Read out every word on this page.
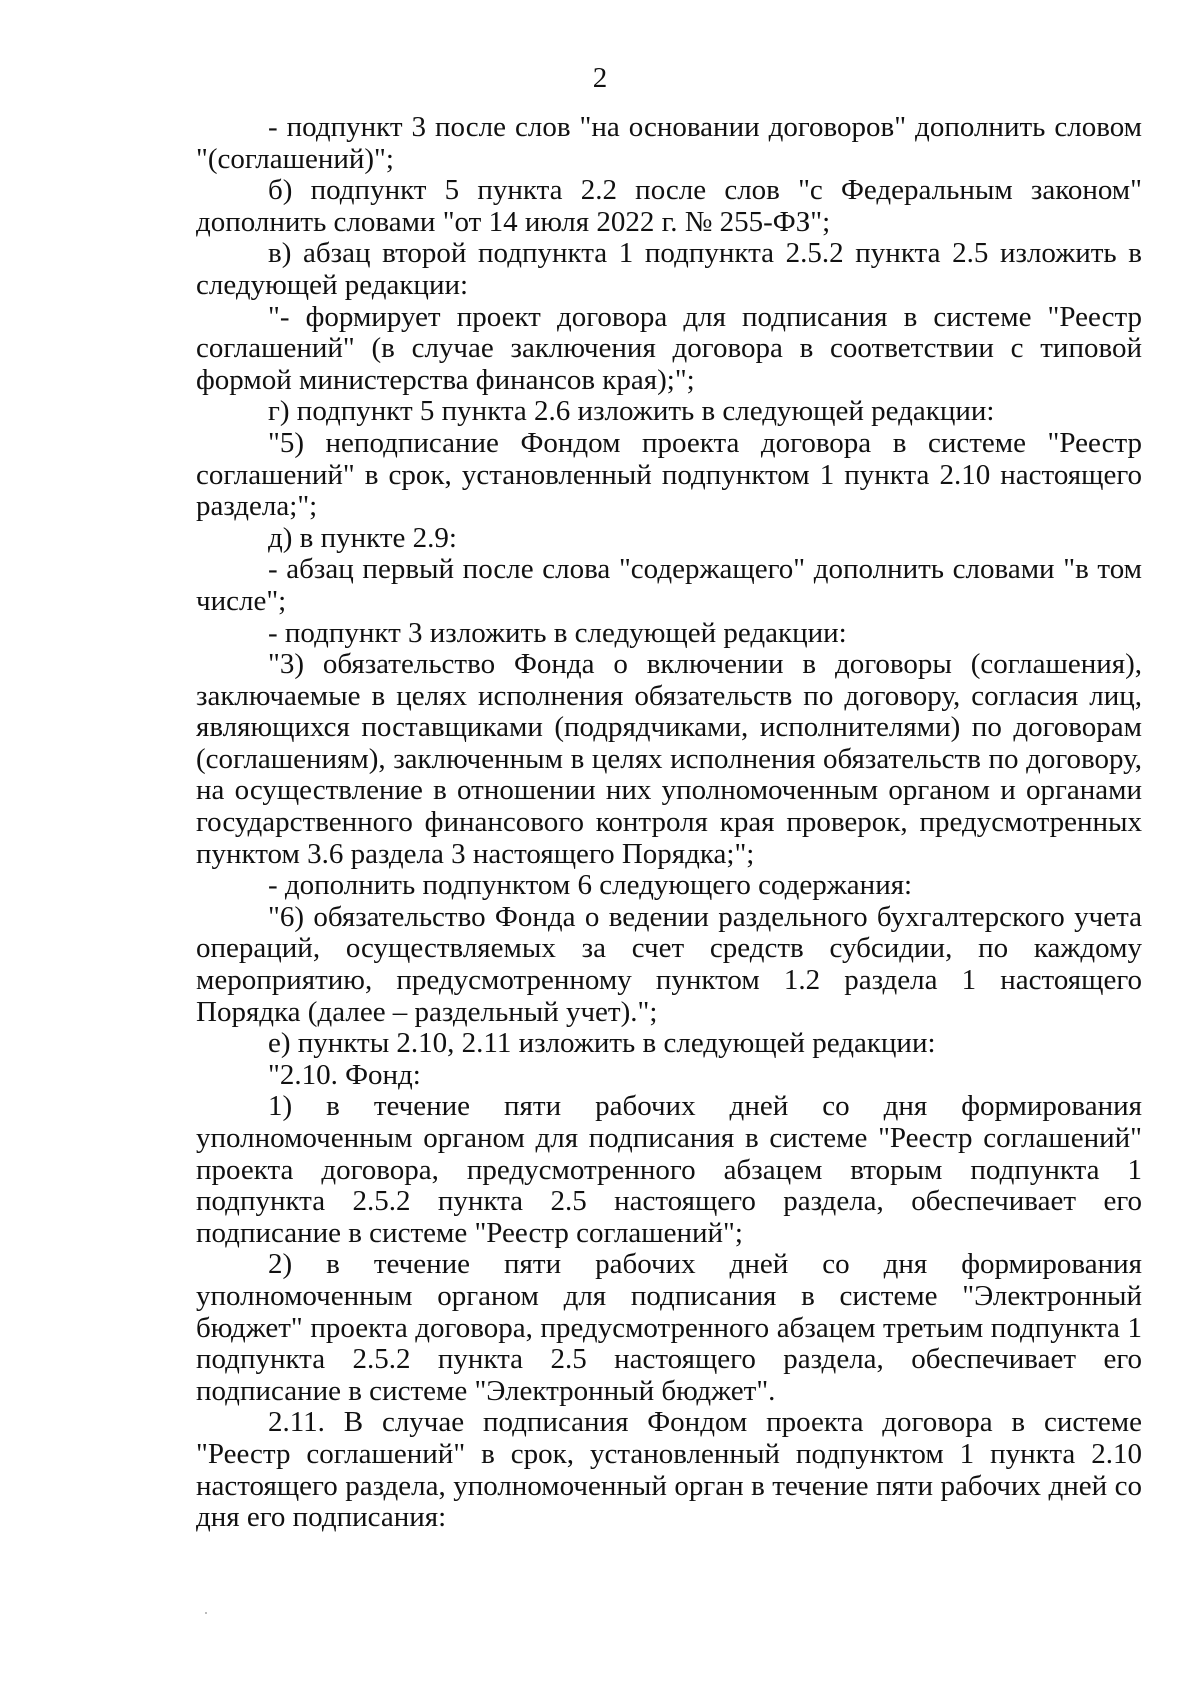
2

- подпункт 3 после слов "на основании договоров" дополнить словом "(соглашений)";

б) подпункт 5 пункта 2.2 после слов "с Федеральным законом" дополнить словами "от 14 июля 2022 г. № 255-ФЗ";

в) абзац второй подпункта 1 подпункта 2.5.2 пункта 2.5 изложить в следующей редакции:

"- формирует проект договора для подписания в системе "Реестр соглашений" (в случае заключения договора в соответствии с типовой формой министерства финансов края);";

г) подпункт 5 пункта 2.6 изложить в следующей редакции:

"5) неподписание Фондом проекта договора в системе "Реестр соглашений" в срок, установленный подпунктом 1 пункта 2.10 настоящего раздела;";

д) в пункте 2.9:

- абзац первый после слова "содержащего" дополнить словами "в том числе";

- подпункт 3 изложить в следующей редакции:

"3) обязательство Фонда о включении в договоры (соглашения), заключаемые в целях исполнения обязательств по договору, согласия лиц, являющихся поставщиками (подрядчиками, исполнителями) по договорам (соглашениям), заключенным в целях исполнения обязательств по договору, на осуществление в отношении них уполномоченным органом и органами государственного финансового контроля края проверок, предусмотренных пунктом 3.6 раздела 3 настоящего Порядка;";

- дополнить подпунктом 6 следующего содержания:

"6) обязательство Фонда о ведении раздельного бухгалтерского учета операций, осуществляемых за счет средств субсидии, по каждому мероприятию, предусмотренному пунктом 1.2 раздела 1 настоящего Порядка (далее – раздельный учет).";

е) пункты 2.10, 2.11 изложить в следующей редакции:

"2.10. Фонд:

1) в течение пяти рабочих дней со дня формирования уполномоченным органом для подписания в системе "Реестр соглашений" проекта договора, предусмотренного абзацем вторым подпункта 1 подпункта 2.5.2 пункта 2.5 настоящего раздела, обеспечивает его подписание в системе "Реестр соглашений";

2) в течение пяти рабочих дней со дня формирования уполномоченным органом для подписания в системе "Электронный бюджет" проекта договора, предусмотренного абзацем третьим подпункта 1 подпункта 2.5.2 пункта 2.5 настоящего раздела, обеспечивает его подписание в системе "Электронный бюджет".

2.11. В случае подписания Фондом проекта договора в системе "Реестр соглашений" в срок, установленный подпунктом 1 пункта 2.10 настоящего раздела, уполномоченный орган в течение пяти рабочих дней со дня его подписания:
